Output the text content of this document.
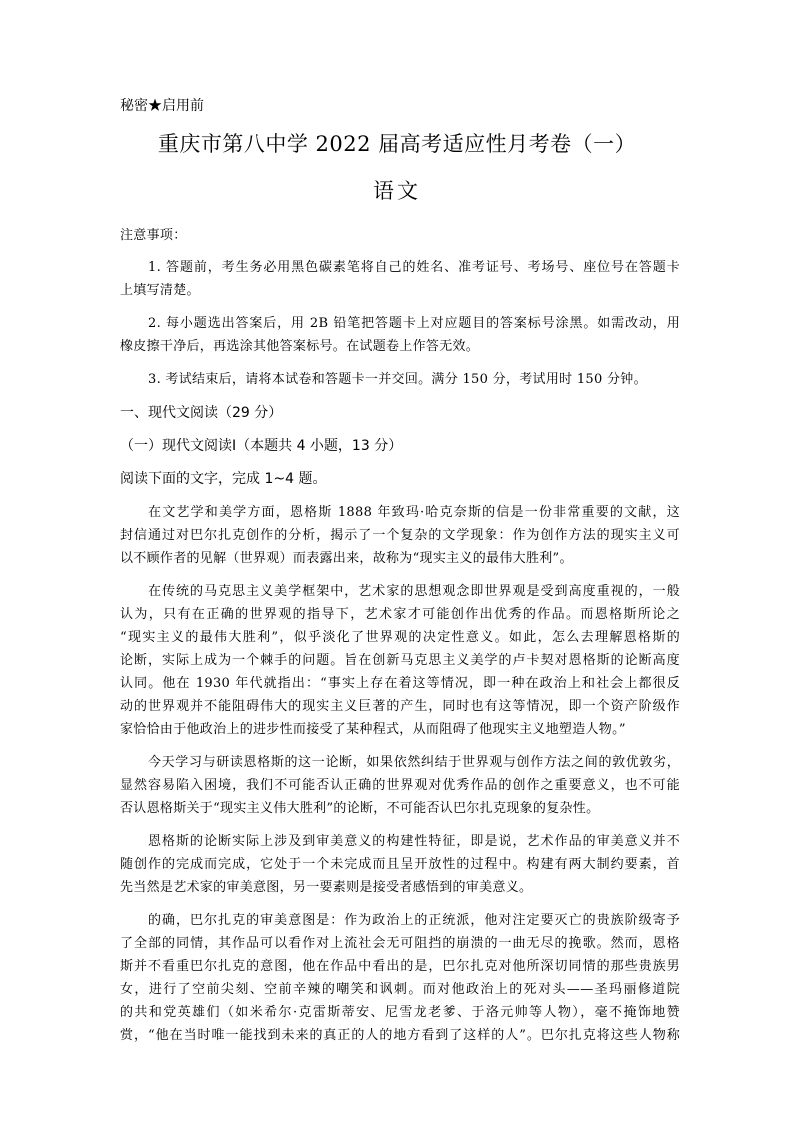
秘密★启用前
重庆市第八中学 2022 届高考适应性月考卷（一）
语文
注意事项：
1. 答题前，考生务必用黑色碳素笔将自己的姓名、准考证号、考场号、座位号在答题卡
上填写清楚。
2. 每小题选出答案后，用 2B 铅笔把答题卡上对应题目的答案标号涂黑。如需改动，用
橡皮擦干净后，再选涂其他答案标号。在试题卷上作答无效。
3. 考试结束后，请将本试卷和答题卡一并交回。满分 150 分，考试用时 150 分钟。
一、现代文阅读（29 分）
（一）现代文阅读Ⅰ（本题共 4 小题，13 分）
阅读下面的文字，完成 1~4 题。
在文艺学和美学方面，恩格斯 1888 年致玛·哈克奈斯的信是一份非常重要的文献，这
封信通过对巴尔扎克创作的分析，揭示了一个复杂的文学现象：作为创作方法的现实主义可
以不顾作者的见解（世界观）而表露出来，故称为“现实主义的最伟大胜利”。
在传统的马克思主义美学框架中，艺术家的思想观念即世界观是受到高度重视的，一般
认为，只有在正确的世界观的指导下，艺术家才可能创作出优秀的作品。而恩格斯所论之
“现实主义的最伟大胜利”，似乎淡化了世界观的决定性意义。如此，怎么去理解恩格斯的
论断，实际上成为一个棘手的问题。旨在创新马克思主义美学的卢卡契对恩格斯的论断高度
认同。他在 1930 年代就指出：“事实上存在着这等情况，即一种在政治上和社会上都很反
动的世界观并不能阻碍伟大的现实主义巨著的产生，同时也有这等情况，即一个资产阶级作
家恰恰由于他政治上的进步性而接受了某种程式，从而阻碍了他现实主义地塑造人物。”
今天学习与研读恩格斯的这一论断，如果依然纠结于世界观与创作方法之间的敦优敦劣，
显然容易陷入困境，我们不可能否认正确的世界观对优秀作品的创作之重要意义，也不可能
否认恩格斯关于“现实主义伟大胜利”的论断，不可能否认巴尔扎克现象的复杂性。
恩格斯的论断实际上涉及到审美意义的构建性特征，即是说，艺术作品的审美意义并不
随创作的完成而完成，它处于一个未完成而且呈开放性的过程中。构建有两大制约要素，首
先当然是艺术家的审美意图，另一要素则是接受者感悟到的审美意义。
的确，巴尔扎克的审美意图是：作为政治上的正统派，他对注定要灭亡的贵族阶级寄予
了全部的同情，其作品可以看作对上流社会无可阻挡的崩溃的一曲无尽的挽歌。然而，恩格
斯并不看重巴尔扎克的意图，他在作品中看出的是，巴尔扎克对他所深切同情的那些贵族男
女，进行了空前尖刻、空前辛辣的嘲笑和讽刺。而对他政治上的死对头——圣玛丽修道院
的共和党英雄们（如米希尔·克雷斯蒂安、尼雪龙老爹、于洛元帅等人物），毫不掩饰地赞
赏，“他在当时唯一能找到未来的真正的人的地方看到了这样的人”。巴尔扎克将这些人物称
